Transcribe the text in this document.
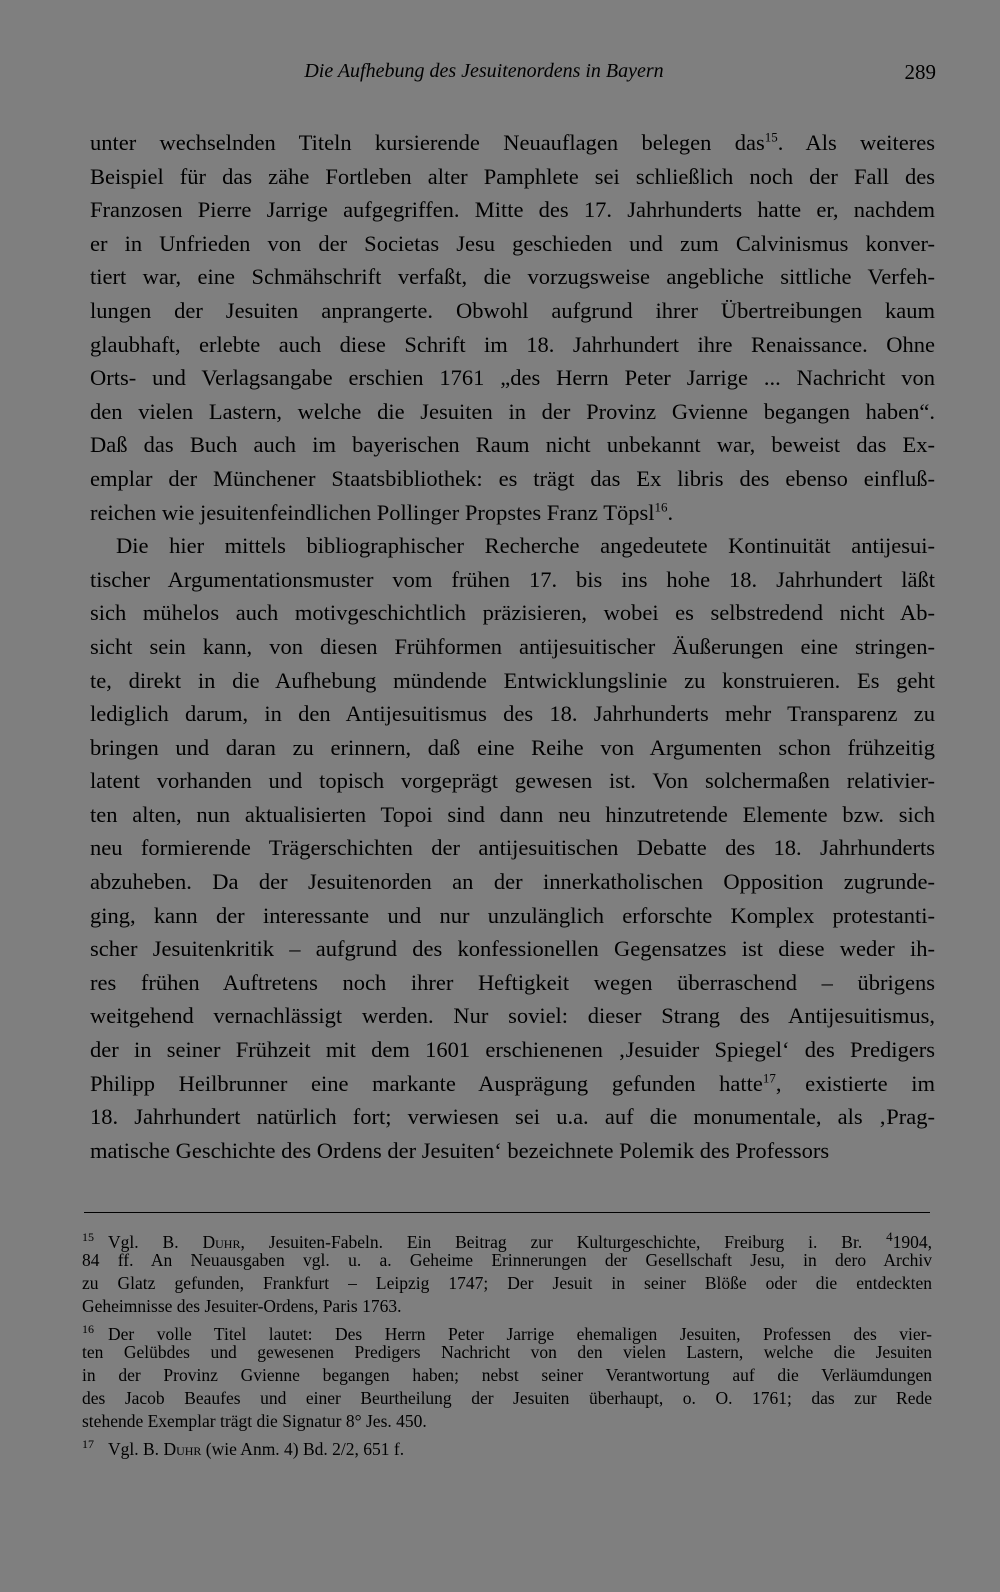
Die Aufhebung des Jesuitenordens in Bayern	289
unter wechselnden Titeln kursierende Neuauflagen belegen das$^{15}$. Als weiteres
Beispiel für das zähe Fortleben alter Pamphlete sei schließlich noch der Fall des
Franzosen Pierre Jarrige aufgegriffen. Mitte des 17. Jahrhunderts hatte er, nachdem
er in Unfrieden von der Societas Jesu geschieden und zum Calvinismus konver-
tiert war, eine Schmähschrift verfaßt, die vorzugsweise angebliche sittliche Verfeh-
lungen der Jesuiten anprangerte. Obwohl aufgrund ihrer Übertreibungen kaum
glaubhaft, erlebte auch diese Schrift im 18. Jahrhundert ihre Renaissance. Ohne
Orts- und Verlagsangabe erschien 1761 „des Herrn Peter Jarrige ... Nachricht von
den vielen Lastern, welche die Jesuiten in der Provinz Gvienne begangen haben“.
Daß das Buch auch im bayerischen Raum nicht unbekannt war, beweist das Ex-
emplar der Münchener Staatsbibliothek: es trägt das Ex libris des ebenso einfluß-
reichen wie jesuitenfeindlichen Pollinger Propstes Franz Töpsl$^{16}$.
Die hier mittels bibliographischer Recherche angedeutete Kontinuität antijesui-
tischer Argumentationsmuster vom frühen 17. bis ins hohe 18. Jahrhundert läßt
sich mühelos auch motivgeschichtlich präzisieren, wobei es selbstredend nicht Ab-
sicht sein kann, von diesen Frühformen antijesuitischer Äußerungen eine stringen-
te, direkt in die Aufhebung mündende Entwicklungslinie zu konstruieren. Es geht
lediglich darum, in den Antijesuitismus des 18. Jahrhunderts mehr Transparenz zu
bringen und daran zu erinnern, daß eine Reihe von Argumenten schon frühzeitig
latent vorhanden und topisch vorgeprägt gewesen ist. Von solchermaßen relativier-
ten alten, nun aktualisierten Topoi sind dann neu hinzutretende Elemente bzw. sich
neu formierende Trägerschichten der antijesuitischen Debatte des 18. Jahrhunderts
abzuheben. Da der Jesuitenorden an der innerkatholischen Opposition zugrunde-
ging, kann der interessante und nur unzulänglich erforschte Komplex protestanti-
scher Jesuitenkritik – aufgrund des konfessionellen Gegensatzes ist diese weder ih-
res frühen Auftretens noch ihrer Heftigkeit wegen überraschend – übrigens
weitgehend vernachlässigt werden. Nur soviel: dieser Strang des Antijesuitismus,
der in seiner Frühzeit mit dem 1601 erschienenen ‚Jesuider Spiegel‘ des Predigers
Philipp Heilbrunner eine markante Ausprägung gefunden hatte$^{17}$, existierte im
18. Jahrhundert natürlich fort; verwiesen sei u.a. auf die monumentale, als ‚Prag-
matische Geschichte des Ordens der Jesuiten‘ bezeichnete Polemik des Professors
15 Vgl. B. Duhr, Jesuiten-Fabeln. Ein Beitrag zur Kulturgeschichte, Freiburg i. Br. $^4$1904,
84 ff. An Neuausgaben vgl. u. a. Geheime Erinnerungen der Gesellschaft Jesu, in dero Archiv
zu Glatz gefunden, Frankfurt – Leipzig 1747; Der Jesuit in seiner Blöße oder die entdeckten
Geheimnisse des Jesuiter-Ordens, Paris 1763.
16 Der volle Titel lautet: Des Herrn Peter Jarrige ehemaligen Jesuiten, Professen des vier-
ten Gelübdes und gewesenen Predigers Nachricht von den vielen Lastern, welche die Jesuiten
in der Provinz Gvienne begangen haben; nebst seiner Verantwortung auf die Verläumdungen
des Jacob Beaufes und einer Beurtheilung der Jesuiten überhaupt, o. O. 1761; das zur Rede
stehende Exemplar trägt die Signatur 8° Jes. 450.
17 Vgl. B. Duhr (wie Anm. 4) Bd. 2/2, 651 f.
